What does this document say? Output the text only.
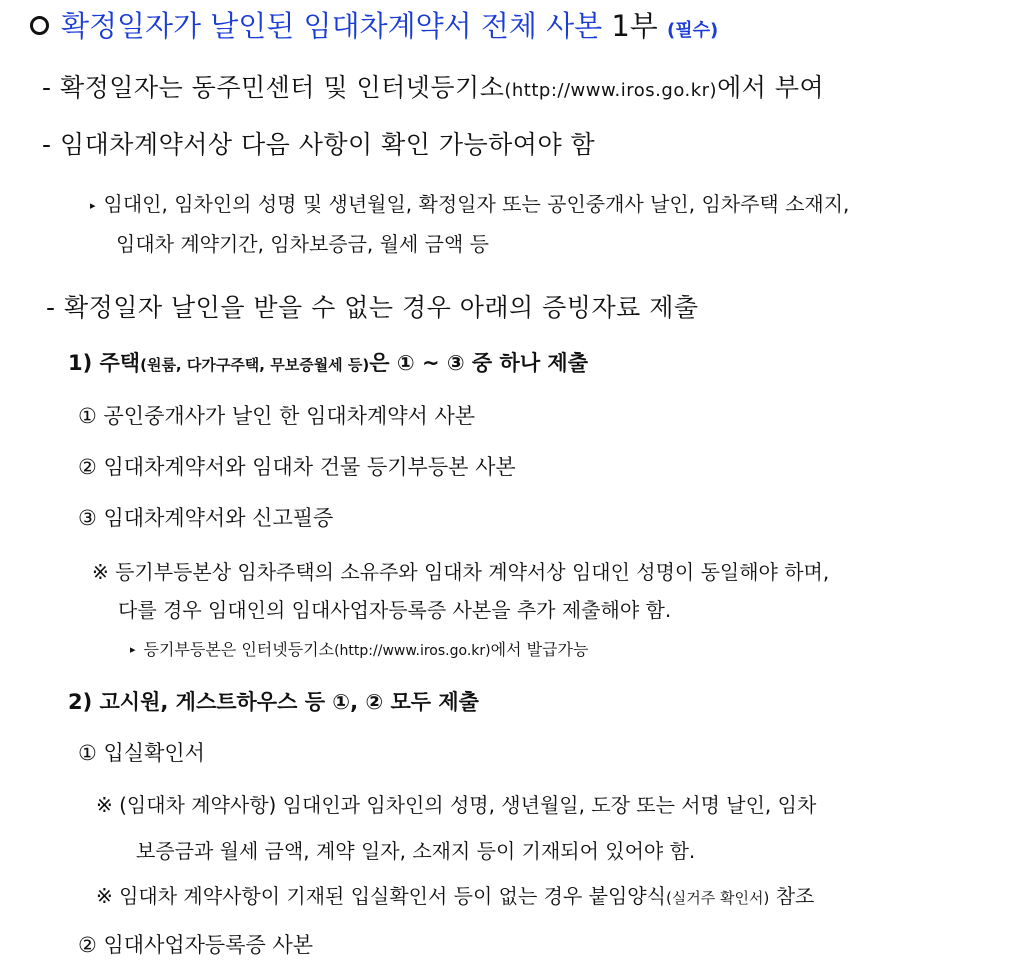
확정일자가 날인된 임대차계약서 전체 사본 1부 (필수)
- 확정일자는 동주민센터 및 인터넷등기소(http://www.iros.go.kr)에서 부여
- 임대차계약서상 다음 사항이 확인 가능하여야 함
▸ 임대인, 임차인의 성명 및 생년월일, 확정일자 또는 공인중개사 날인, 임차주택 소재지,
임대차 계약기간, 임차보증금, 월세 금액 등
- 확정일자 날인을 받을 수 없는 경우 아래의 증빙자료 제출
1) 주택(원룸, 다가구주택, 무보증월세 등)은 ① ~ ③ 중 하나 제출
① 공인중개사가 날인 한 임대차계약서 사본
② 임대차계약서와 임대차 건물 등기부등본 사본
③ 임대차계약서와 신고필증
※ 등기부등본상 임차주택의 소유주와 임대차 계약서상 임대인 성명이 동일해야 하며,
다를 경우 임대인의 임대사업자등록증 사본을 추가 제출해야 함.
▸ 등기부등본은 인터넷등기소(http://www.iros.go.kr)에서 발급가능
2) 고시원, 게스트하우스 등 ①, ② 모두 제출
① 입실확인서
※ (임대차 계약사항) 임대인과 임차인의 성명, 생년월일, 도장 또는 서명 날인, 임차
보증금과 월세 금액, 계약 일자, 소재지 등이 기재되어 있어야 함.
※ 임대차 계약사항이 기재된 입실확인서 등이 없는 경우 붙임양식(실거주 확인서) 참조
② 임대사업자등록증 사본
